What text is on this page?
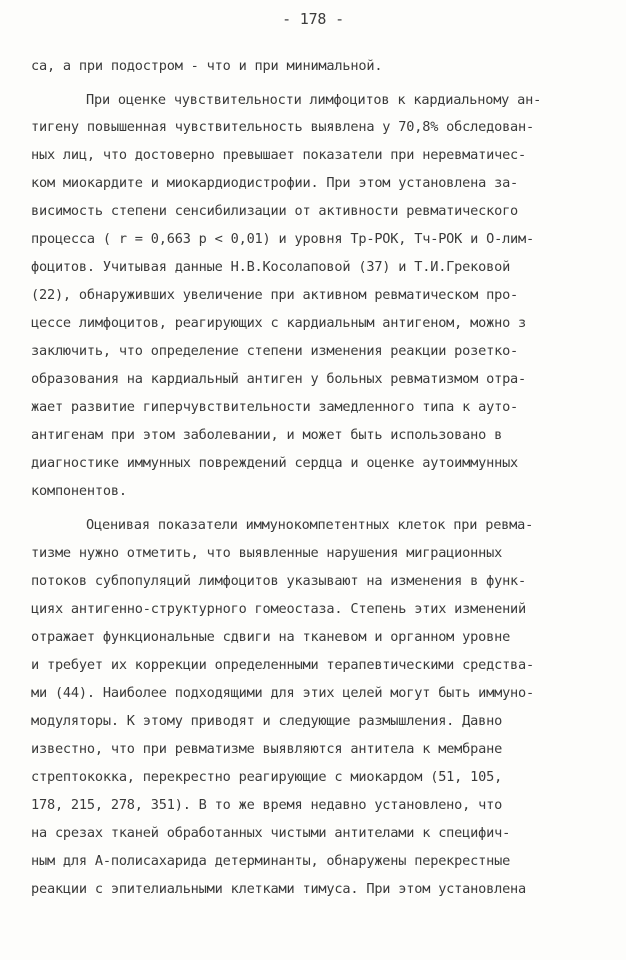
- 178 -
са, а при подостром - что и при минимальной.
При оценке чувствительности лимфоцитов к кардиальному ан-
тигену повышенная чувствительность выявлена у 70,8% обследован-
ных лиц, что достоверно превышает показатели при неревматичес-
ком миокардите и миокардиодистрофии. При этом установлена за-
висимость степени сенсибилизации от активности ревматического
процесса ( r = 0,663 p < 0,01) и уровня Tp-РОК, Tч-РОК и О-лим-
фоцитов. Учитывая данные Н.В.Косолаповой (37) и Т.И.Грековой
(22), обнаруживших увеличение при активном ревматическом про-
цессе лимфоцитов, реагирующих с кардиальным антигеном, можно з
заключить, что определение степени изменения реакции розетко-
образования на кардиальный антиген у больных ревматизмом отра-
жает развитие гиперчувствительности замедленного типа к ауто-
антигенам при этом заболевании, и может быть использовано в
диагностике иммунных повреждений сердца и оценке аутоиммунных
компонентов.
Оценивая показатели иммунокомпетентных клеток при ревма-
тизме нужно отметить, что выявленные нарушения миграционных
потоков субпопуляций лимфоцитов указывают на изменения в функ-
циях антигенно-структурного гомеостаза. Степень этих изменений
отражает функциональные сдвиги на тканевом и органном уровне
и требует их коррекции определенными терапевтическими средства-
ми (44). Наиболее подходящими для этих целей могут быть иммуно-
модуляторы. К этому приводят и следующие размышления. Давно
известно, что при ревматизме выявляются антитела к мембране
стрептококка, перекрестно реагирующие с миокардом (51, 105,
178, 215, 278, 351). В то же время недавно установлено, что
на срезах тканей обработанных чистыми антителами к специфич-
ным для А-полисахарида детерминанты, обнаружены перекрестные
реакции с эпителиальными клетками тимуса. При этом установлена
